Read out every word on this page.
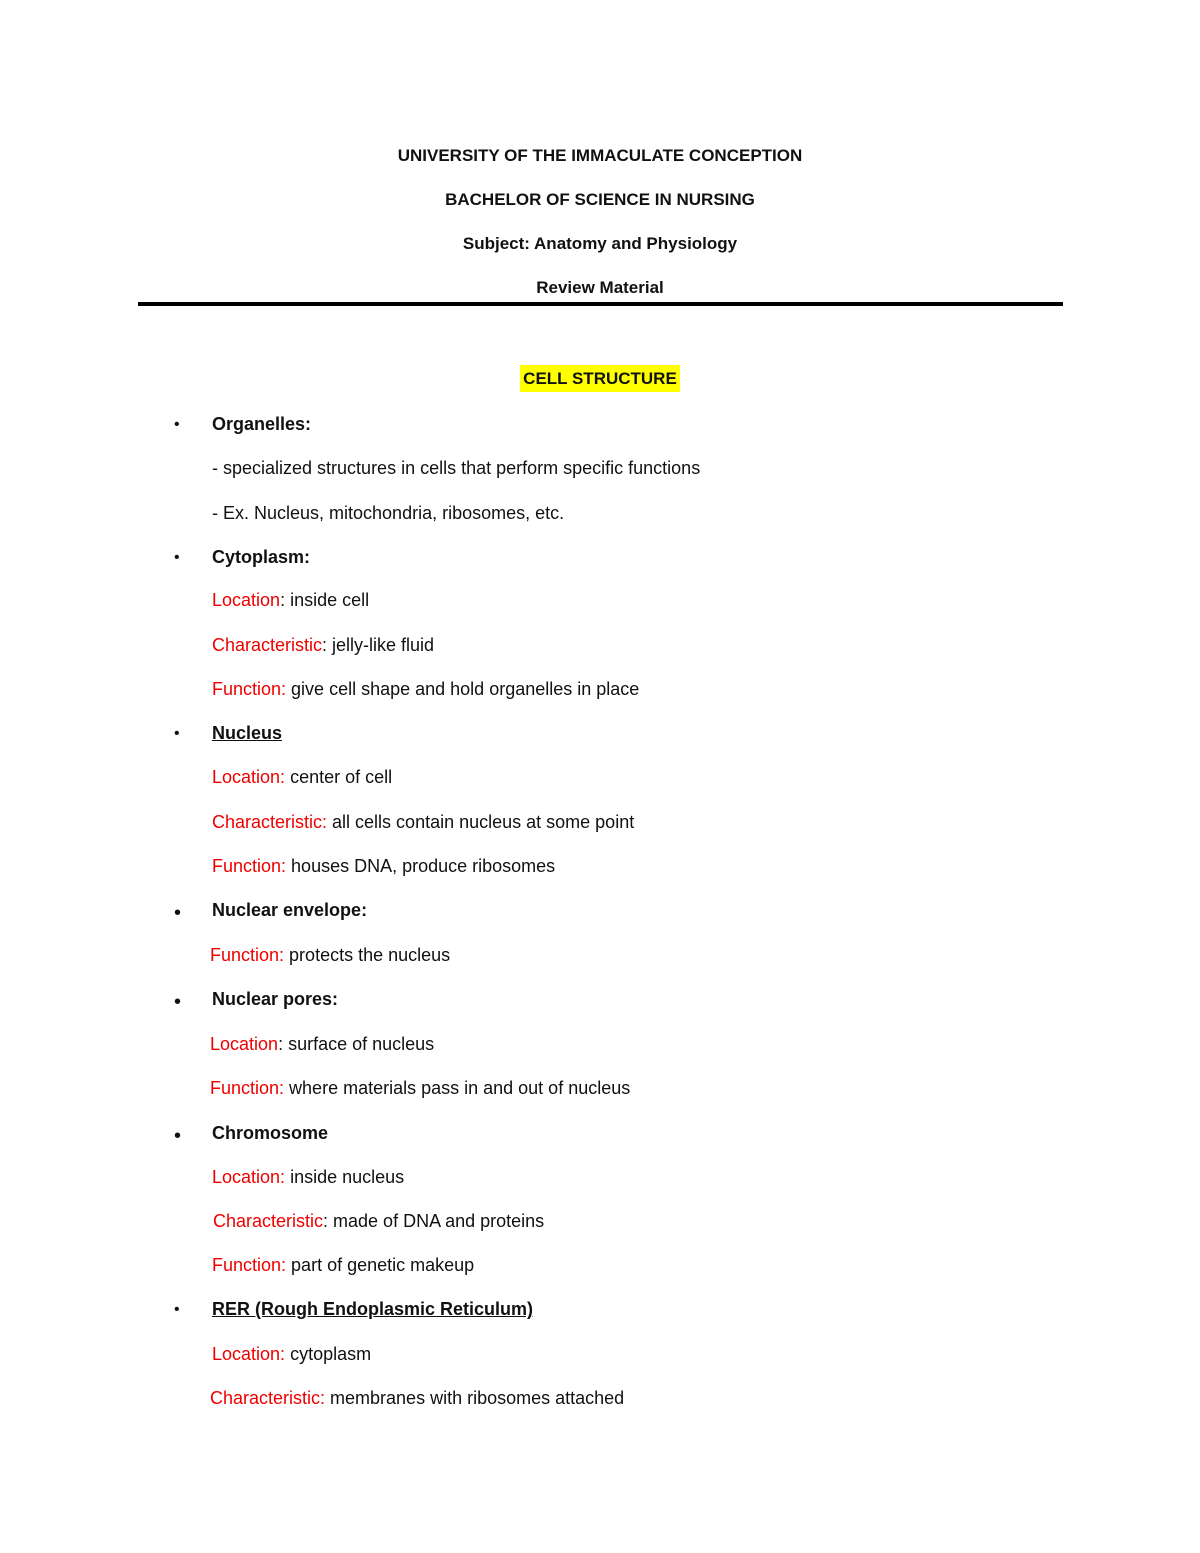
UNIVERSITY OF THE IMMACULATE CONCEPTION
BACHELOR OF SCIENCE IN NURSING
Subject: Anatomy and Physiology
Review Material
CELL STRUCTURE
• Organelles:
- specialized structures in cells that perform specific functions
- Ex. Nucleus, mitochondria, ribosomes, etc.
• Cytoplasm:
Location: inside cell
Characteristic: jelly-like fluid
Function: give cell shape and hold organelles in place
• Nucleus
Location: center of cell
Characteristic: all cells contain nucleus at some point
Function: houses DNA, produce ribosomes
• Nuclear envelope:
Function: protects the nucleus
• Nuclear pores:
Location: surface of nucleus
Function: where materials pass in and out of nucleus
• Chromosome
Location: inside nucleus
Characteristic: made of DNA and proteins
Function: part of genetic makeup
• RER (Rough Endoplasmic Reticulum)
Location: cytoplasm
Characteristic: membranes with ribosomes attached
